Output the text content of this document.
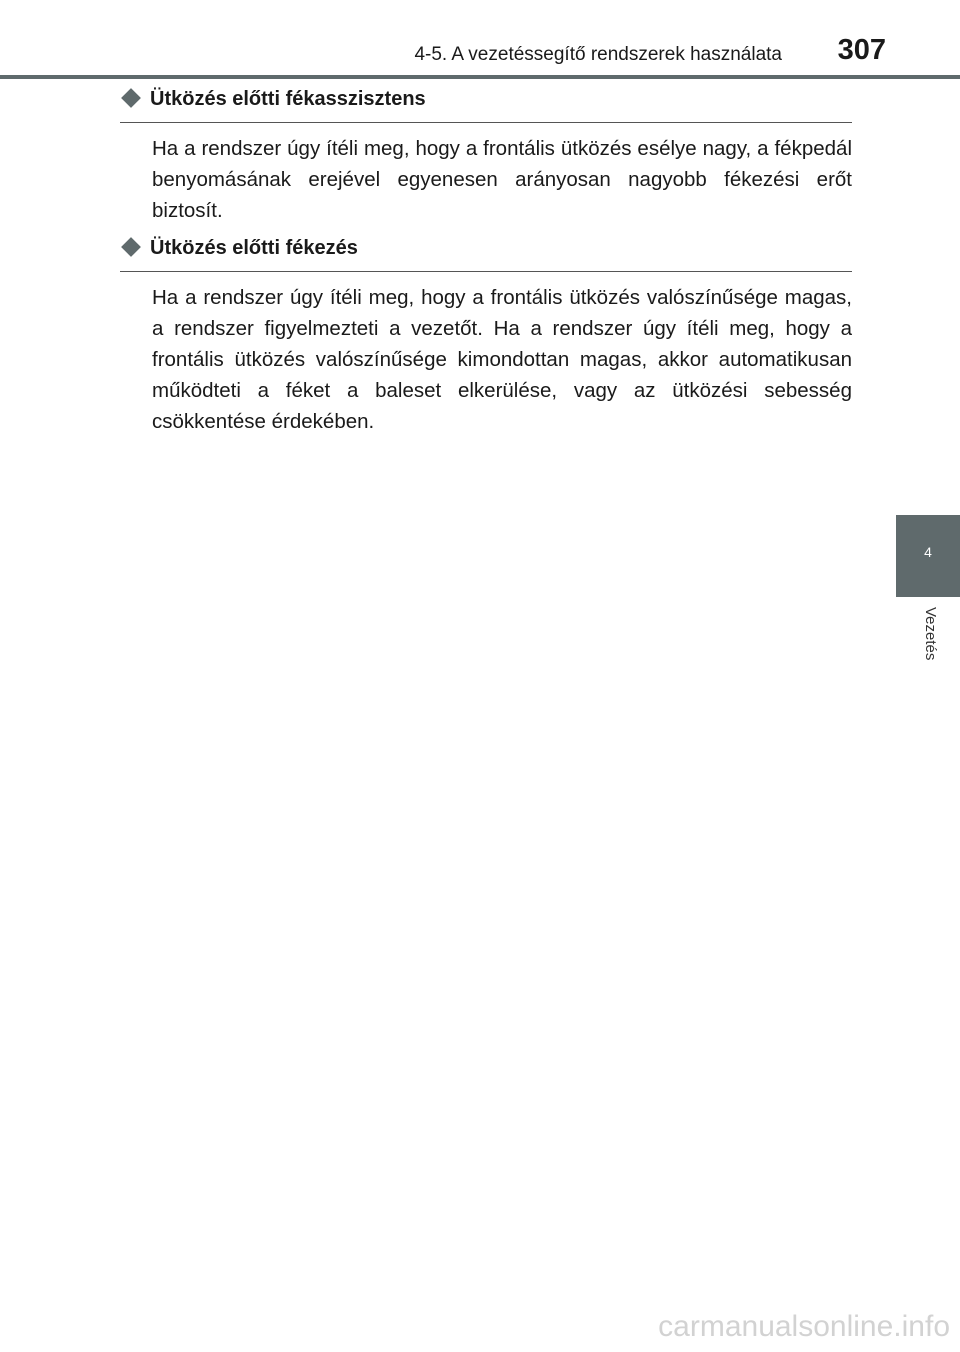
4-5. A vezetéssegítő rendszerek használata 307
Ütközés előtti fékasszisztens

Ha a rendszer úgy ítéli meg, hogy a frontális ütközés esélye nagy, a fékpedál benyomásának erejével egyenesen arányosan nagyobb fékezési erőt biztosít.

Ütközés előtti fékezés

Ha a rendszer úgy ítéli meg, hogy a frontális ütközés valószínűsége magas, a rendszer figyelmezteti a vezetőt. Ha a rendszer úgy ítéli meg, hogy a frontális ütközés valószínűsége kimondottan magas, akkor automatikusan működteti a féket a baleset elkerülése, vagy az ütközési sebesség csökkentése érdekében.

4
Vezetés
carmanualsonline.info
